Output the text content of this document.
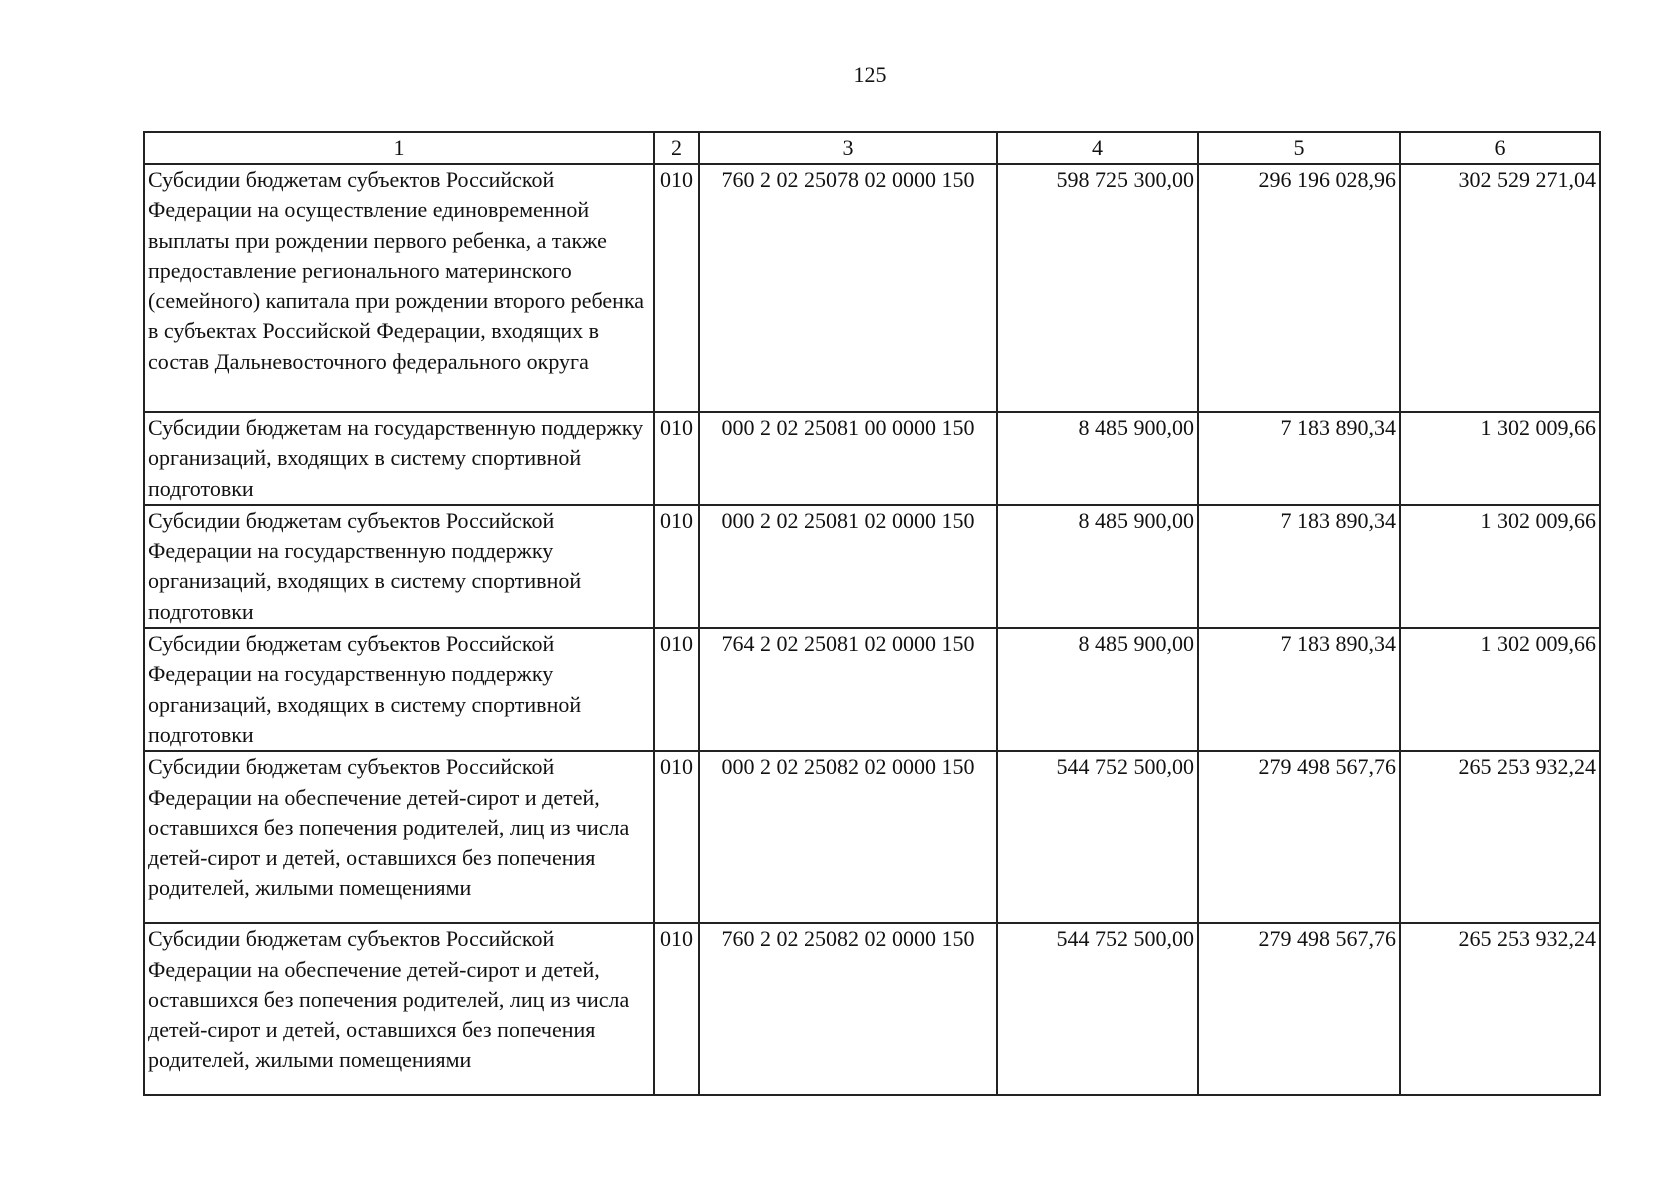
125
1	2	3	4	5	6
Субсидии бюджетам субъектов Российской Федерации на осуществление единовременной выплаты при рождении первого ребенка, а также предоставление регионального материнского (семейного) капитала при рождении второго ребенка в субъектах Российской Федерации, входящих в состав Дальневосточного федерального округа	010	760 2 02 25078 02 0000 150	598 725 300,00	296 196 028,96	302 529 271,04
Субсидии бюджетам на государственную поддержку организаций, входящих в систему спортивной подготовки	010	000 2 02 25081 00 0000 150	8 485 900,00	7 183 890,34	1 302 009,66
Субсидии бюджетам субъектов Российской Федерации на государственную поддержку организаций, входящих в систему спортивной подготовки	010	000 2 02 25081 02 0000 150	8 485 900,00	7 183 890,34	1 302 009,66
Субсидии бюджетам субъектов Российской Федерации на государственную поддержку организаций, входящих в систему спортивной подготовки	010	764 2 02 25081 02 0000 150	8 485 900,00	7 183 890,34	1 302 009,66
Субсидии бюджетам субъектов Российской Федерации на обеспечение детей-сирот и детей, оставшихся без попечения родителей, лиц из числа детей-сирот и детей, оставшихся без попечения родителей, жилыми помещениями	010	000 2 02 25082 02 0000 150	544 752 500,00	279 498 567,76	265 253 932,24
Субсидии бюджетам субъектов Российской Федерации на обеспечение детей-сирот и детей, оставшихся без попечения родителей, лиц из числа детей-сирот и детей, оставшихся без попечения родителей, жилыми помещениями	010	760 2 02 25082 02 0000 150	544 752 500,00	279 498 567,76	265 253 932,24
